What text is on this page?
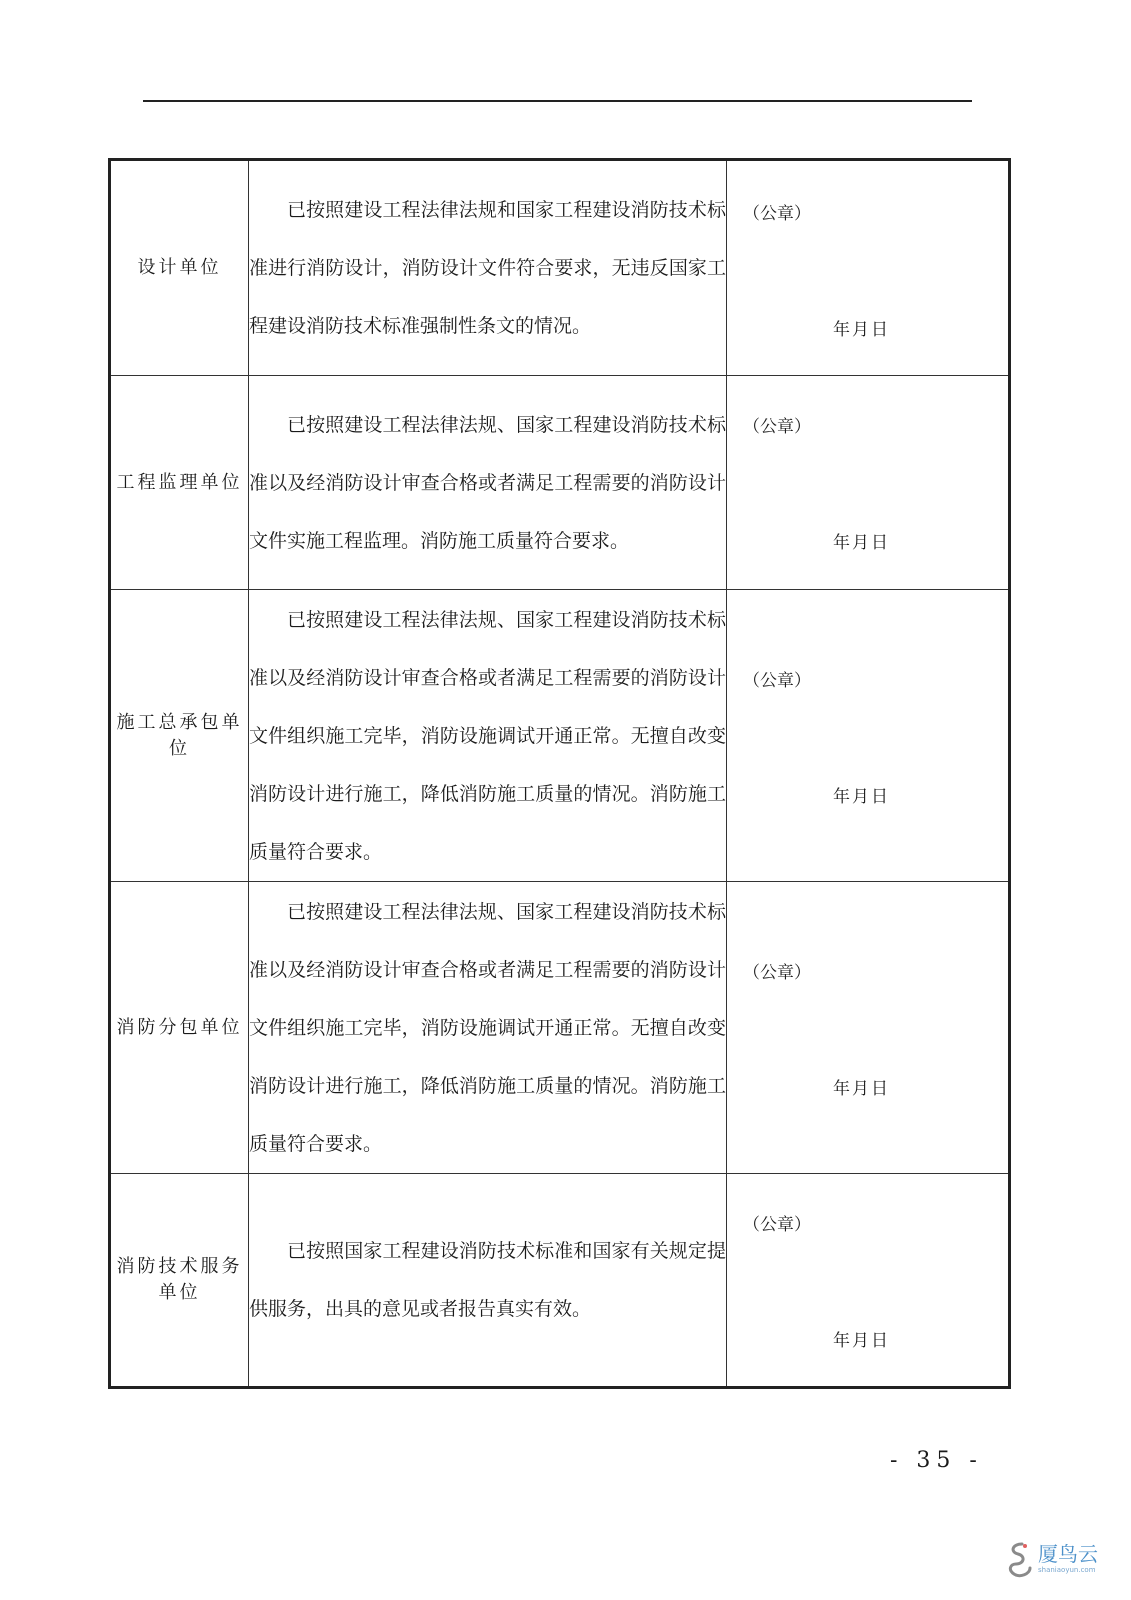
设计单位	已按照建设工程法律法规和国家工程建设消防技术标准进行消防设计，消防设计文件符合要求，无违反国家工程建设消防技术标准强制性条文的情况。	（公章）
年月日

工程监理单位	已按照建设工程法律法规、国家工程建设消防技术标准以及经消防设计审查合格或者满足工程需要的消防设计文件实施工程监理。消防施工质量符合要求。	（公章）
年月日

施工总承包单位	已按照建设工程法律法规、国家工程建设消防技术标准以及经消防设计审查合格或者满足工程需要的消防设计文件组织施工完毕，消防设施调试开通正常。无擅自改变消防设计进行施工，降低消防施工质量的情况。消防施工质量符合要求。	（公章）
年月日

消防分包单位	已按照建设工程法律法规、国家工程建设消防技术标准以及经消防设计审查合格或者满足工程需要的消防设计文件组织施工完毕，消防设施调试开通正常。无擅自改变消防设计进行施工，降低消防施工质量的情况。消防施工质量符合要求。	（公章）
年月日

消防技术服务单位	已按照国家工程建设消防技术标准和国家有关规定提供服务，出具的意见或者报告真实有效。	（公章）
年月日
- 35 -
厦鸟云
shaniaoyun.com
